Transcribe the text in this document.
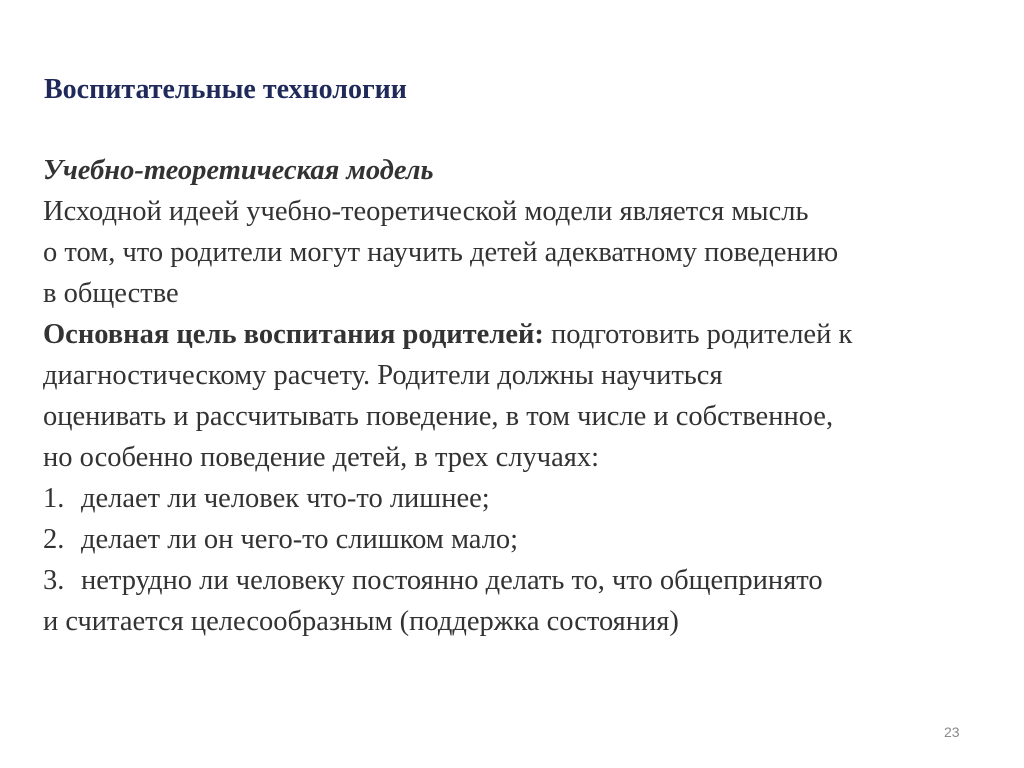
Воспитательные технологии
Учебно-теоретическая модель
Исходной идеей учебно-теоретической модели является мысль
о том, что родители могут научить детей адекватному поведению
в обществе
Основная цель воспитания родителей: подготовить родителей к
диагностическому расчету. Родители должны научиться
оценивать и рассчитывать поведение, в том числе и собственное,
но особенно поведение детей, в трех случаях:
1. делает ли человек что-то лишнее;
2. делает ли он чего-то слишком мало;
3. нетрудно ли человеку постоянно делать то, что общепринято
и считается целесообразным (поддержка состояния)
23
